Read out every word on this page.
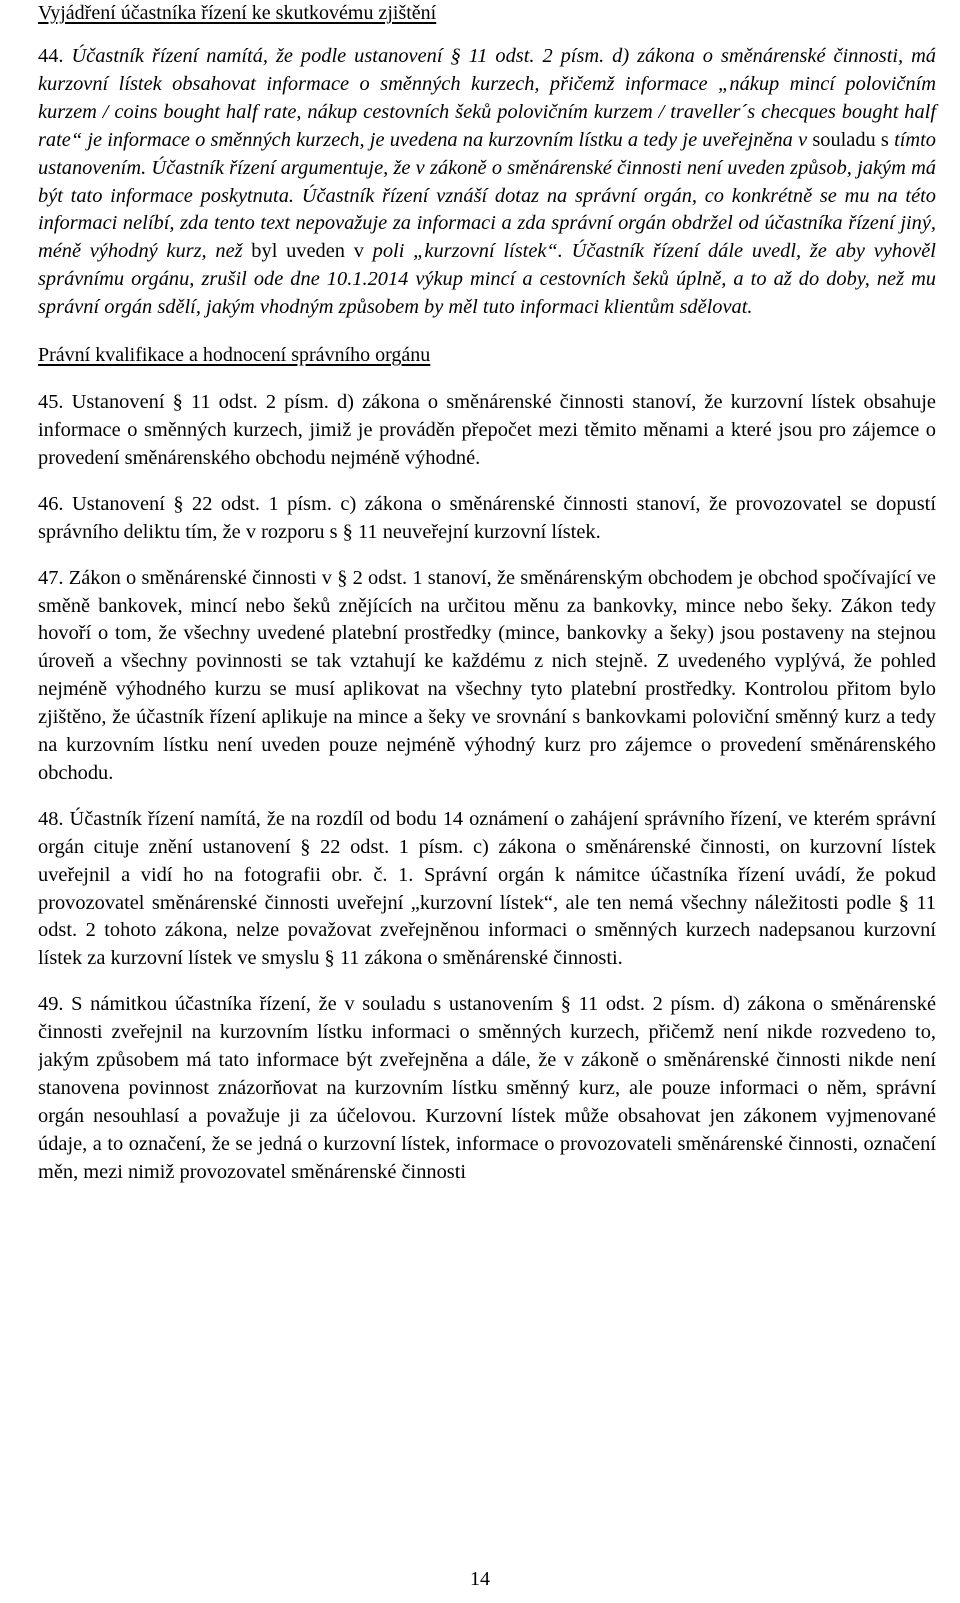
Vyjádření účastníka řízení ke skutkovému zjištění

44. Účastník řízení namítá, že podle ustanovení § 11 odst. 2 písm. d) zákona o směnárenské činnosti, má kurzovní lístek obsahovat informace o směnných kurzech, přičemž informace „nákup mincí polovičním kurzem / coins bought half rate, nákup cestovních šeků polovičním kurzem / traveller´s checques bought half rate“ je informace o směnných kurzech, je uvedena na kurzovním lístku a tedy je uveřejněna v souladu s tímto ustanovením. Účastník řízení argumentuje, že v zákoně o směnárenské činnosti není uveden způsob, jakým má být tato informace poskytnuta. Účastník řízení vznáší dotaz na správní orgán, co konkrétně se mu na této informaci nelíbí, zda tento text nepovažuje za informaci a zda správní orgán obdržel od účastníka řízení jiný, méně výhodný kurz, než byl uveden v poli „kurzovní lístek“. Účastník řízení dále uvedl, že aby vyhověl správnímu orgánu, zrušil ode dne 10.1.2014 výkup mincí a cestovních šeků úplně, a to až do doby, než mu správní orgán sdělí, jakým vhodným způsobem by měl tuto informaci klientům sdělovat.

Právní kvalifikace a hodnocení správního orgánu

45. Ustanovení § 11 odst. 2 písm. d) zákona o směnárenské činnosti stanoví, že kurzovní lístek obsahuje informace o směnných kurzech, jimiž je prováděn přepočet mezi těmito měnami a které jsou pro zájemce o provedení směnárenského obchodu nejméně výhodné.

46. Ustanovení § 22 odst. 1 písm. c) zákona o směnárenské činnosti stanoví, že provozovatel se dopustí správního deliktu tím, že v rozporu s § 11 neuveřejní kurzovní lístek.

47. Zákon o směnárenské činnosti v § 2 odst. 1 stanoví, že směnárenským obchodem je obchod spočívající ve směně bankovek, mincí nebo šeků znějících na určitou měnu za bankovky, mince nebo šeky. Zákon tedy hovoří o tom, že všechny uvedené platební prostředky (mince, bankovky a šeky) jsou postaveny na stejnou úroveň a všechny povinnosti se tak vztahují ke každému z nich stejně. Z uvedeného vyplývá, že pohled nejméně výhodného kurzu se musí aplikovat na všechny tyto platební prostředky. Kontrolou přitom bylo zjištěno, že účastník řízení aplikuje na mince a šeky ve srovnání s bankovkami poloviční směnný kurz a tedy na kurzovním lístku není uveden pouze nejméně výhodný kurz pro zájemce o provedení směnárenského obchodu.

48. Účastník řízení namítá, že na rozdíl od bodu 14 oznámení o zahájení správního řízení, ve kterém správní orgán cituje znění ustanovení § 22 odst. 1 písm. c) zákona o směnárenské činnosti, on kurzovní lístek uveřejnil a vidí ho na fotografii obr. č. 1. Správní orgán k námitce účastníka řízení uvádí, že pokud provozovatel směnárenské činnosti uveřejní „kurzovní lístek“, ale ten nemá všechny náležitosti podle § 11 odst. 2 tohoto zákona, nelze považovat zveřejněnou informaci o směnných kurzech nadepsanou kurzovní lístek za kurzovní lístek ve smyslu § 11 zákona o směnárenské činnosti.

49. S námitkou účastníka řízení, že v souladu s ustanovením § 11 odst. 2 písm. d) zákona o směnárenské činnosti zveřejnil na kurzovním lístku informaci o směnných kurzech, přičemž není nikde rozvedeno to, jakým způsobem má tato informace být zveřejněna a dále, že v zákoně o směnárenské činnosti nikde není stanovena povinnost znázorňovat na kurzovním lístku směnný kurz, ale pouze informaci o něm, správní orgán nesouhlasí a považuje ji za účelovou. Kurzovní lístek může obsahovat jen zákonem vyjmenované údaje, a to označení, že se jedná o kurzovní lístek, informace o provozovateli směnárenské činnosti, označení měn, mezi nimiž provozovatel směnárenské činnosti

14
